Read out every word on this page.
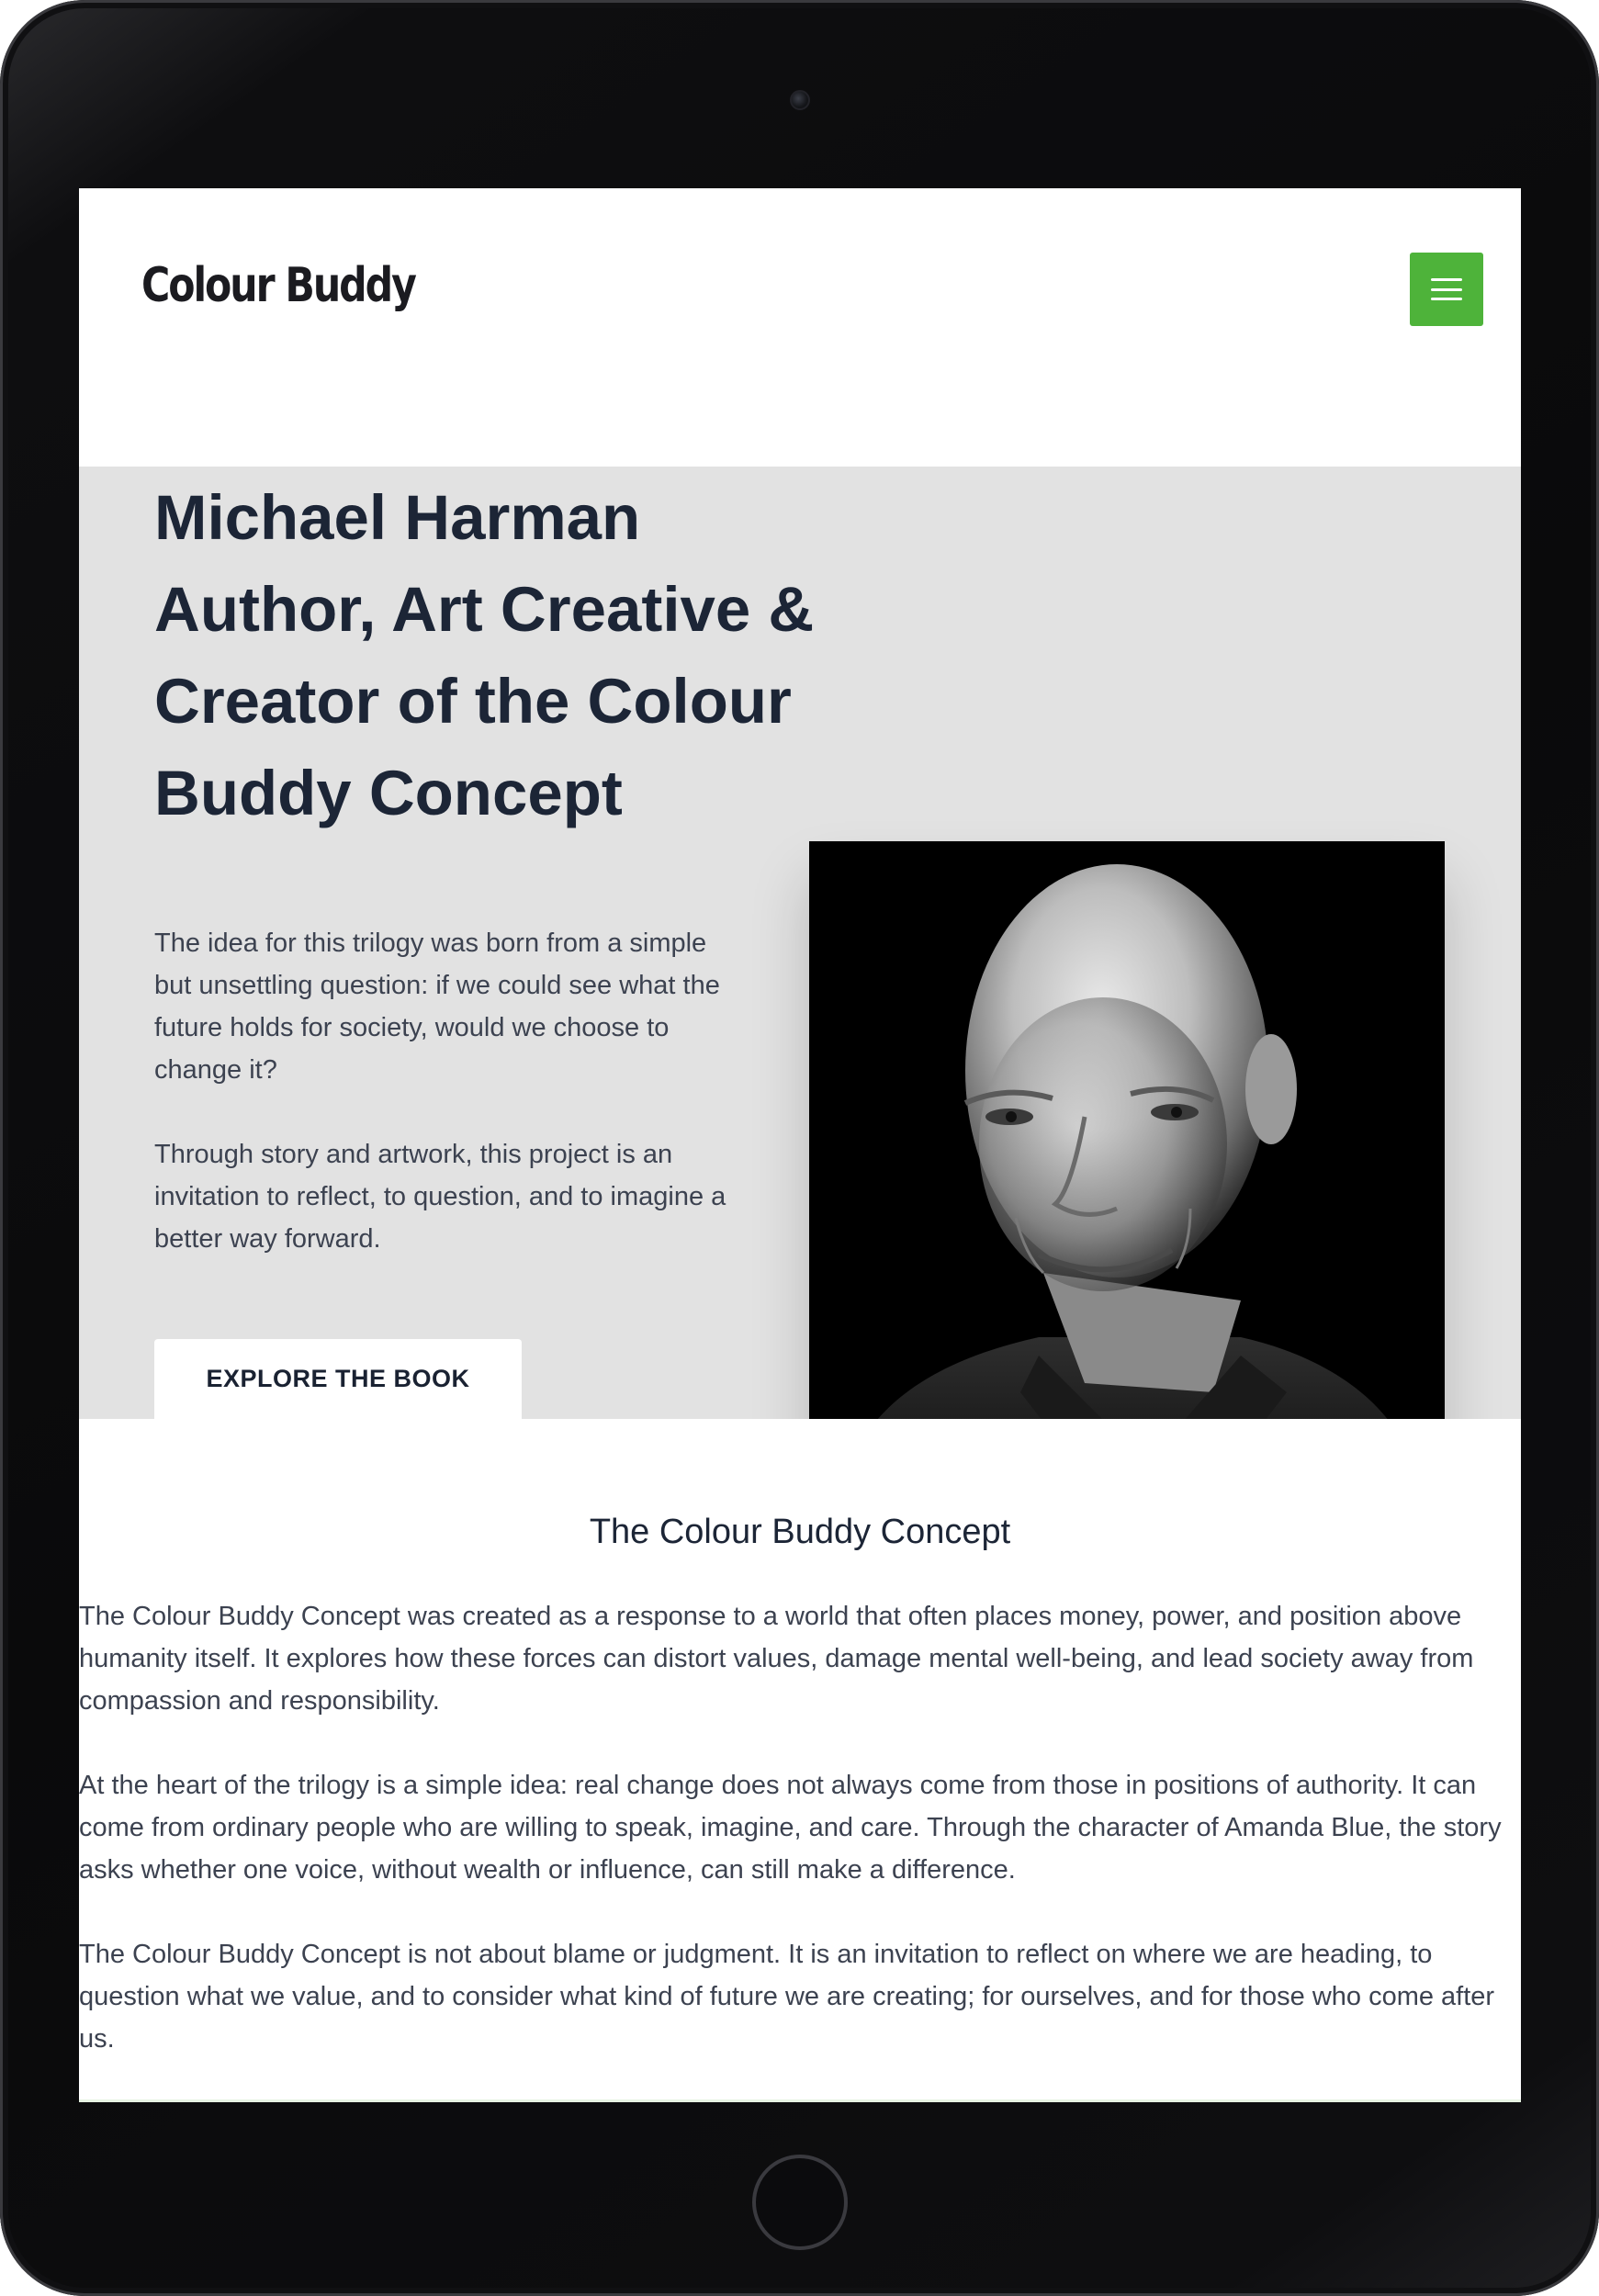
Colour Buddy
Michael Harman Author, Art Creative & Creator of the Colour Buddy Concept

The idea for this trilogy was born from a simple but unsettling question: if we could see what the future holds for society, would we choose to change it?

Through story and artwork, this project is an invitation to reflect, to question, and to imagine a better way forward.

EXPLORE THE BOOK
The Colour Buddy Concept

The Colour Buddy Concept was created as a response to a world that often places money, power, and position above humanity itself. It explores how these forces can distort values, damage mental well-being, and lead society away from compassion and responsibility.

At the heart of the trilogy is a simple idea: real change does not always come from those in positions of authority. It can come from ordinary people who are willing to speak, imagine, and care. Through the character of Amanda Blue, the story asks whether one voice, without wealth or influence, can still make a difference.

The Colour Buddy Concept is not about blame or judgment. It is an invitation to reflect on where we are heading, to question what we value, and to consider what kind of future we are creating; for ourselves, and for those who come after us.
